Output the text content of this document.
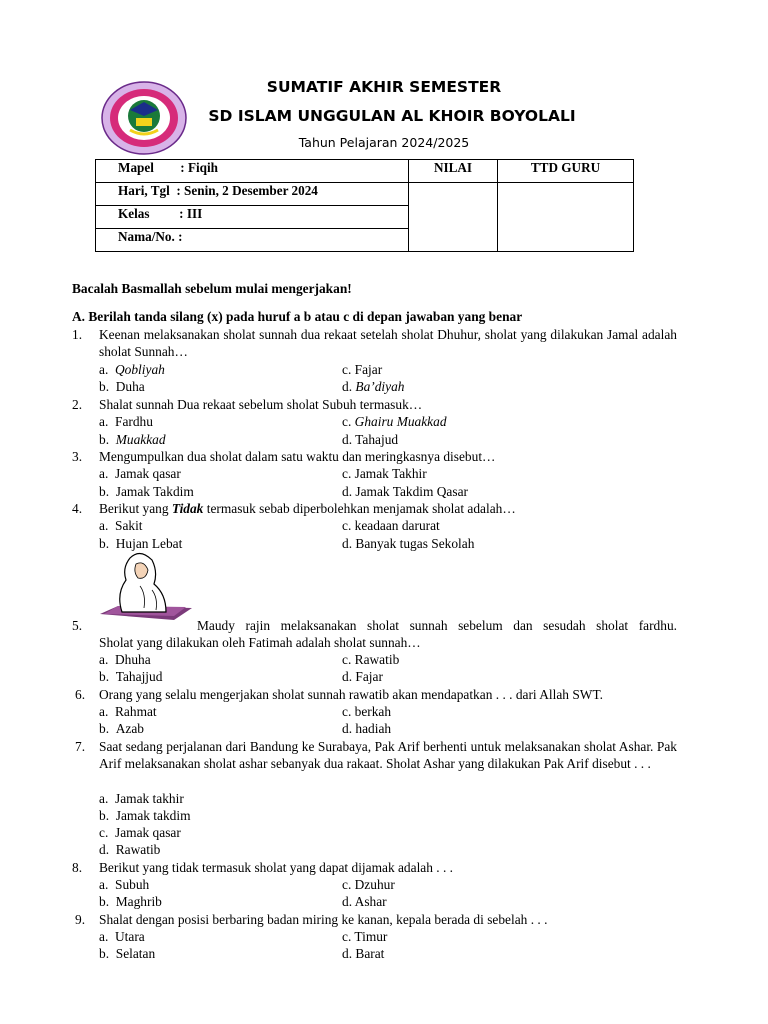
SUMATIF AKHIR SEMESTER
SD ISLAM UNGGULAN AL KHOIR BOYOLALI
Tahun Pelajaran 2024/2025
Mapel        : Fiqih	NILAI	TTD GURU
Hari, Tgl  : Senin, 2 Desember 2024		
Kelas         : III		
Nama/No. :		
Bacalah Basmallah sebelum mulai mengerjakan!
A. Berilah tanda silang (x) pada huruf a b atau c di depan jawaban yang benar
1. Keenan melaksanakan sholat sunnah dua rekaat setelah sholat Dhuhur, sholat yang dilakukan Jamal adalah sholat Sunnah…
a. Qobliyah
b. Duha
c. Fajar
d. Ba’diyah
2. Shalat sunnah Dua rekaat sebelum sholat Subuh termasuk…
a. Fardhu
b. Muakkad
c. Ghairu Muakkad
d. Tahajud
3. Mengumpulkan dua sholat dalam satu waktu dan meringkasnya disebut…
a. Jamak qasar
b. Jamak Takdim
c. Jamak Takhir
d. Jamak Takdim Qasar
4. Berikut yang Tidak termasuk sebab diperbolehkan menjamak sholat adalah…
a. Sakit
b. Hujan Lebat
c. keadaan darurat
d. Banyak tugas Sekolah
5.	Maudy rajin melaksanakan sholat sunnah sebelum dan sesudah sholat fardhu.
Sholat yang dilakukan oleh Fatimah adalah sholat sunnah…
a. Dhuha
b. Tahajjud
c. Rawatib
d. Fajar
6. Orang yang selalu mengerjakan sholat sunnah rawatib akan mendapatkan . . . dari Allah SWT.
a. Rahmat
b. Azab
c. berkah
d. hadiah
7. Saat sedang perjalanan dari Bandung ke Surabaya, Pak Arif berhenti untuk melaksanakan sholat Ashar. Pak Arif melaksanakan sholat ashar sebanyak dua rakaat. Sholat Ashar yang dilakukan Pak Arif disebut . . .
a. Jamak takhir
b. Jamak takdim
c. Jamak qasar
d. Rawatib
8. Berikut yang tidak termasuk sholat yang dapat dijamak adalah . . .
a. Subuh
b. Maghrib
c. Dzuhur
d. Ashar
9. Shalat dengan posisi berbaring badan miring ke kanan, kepala berada di sebelah . . .
a. Utara
b. Selatan
c. Timur
d. Barat
